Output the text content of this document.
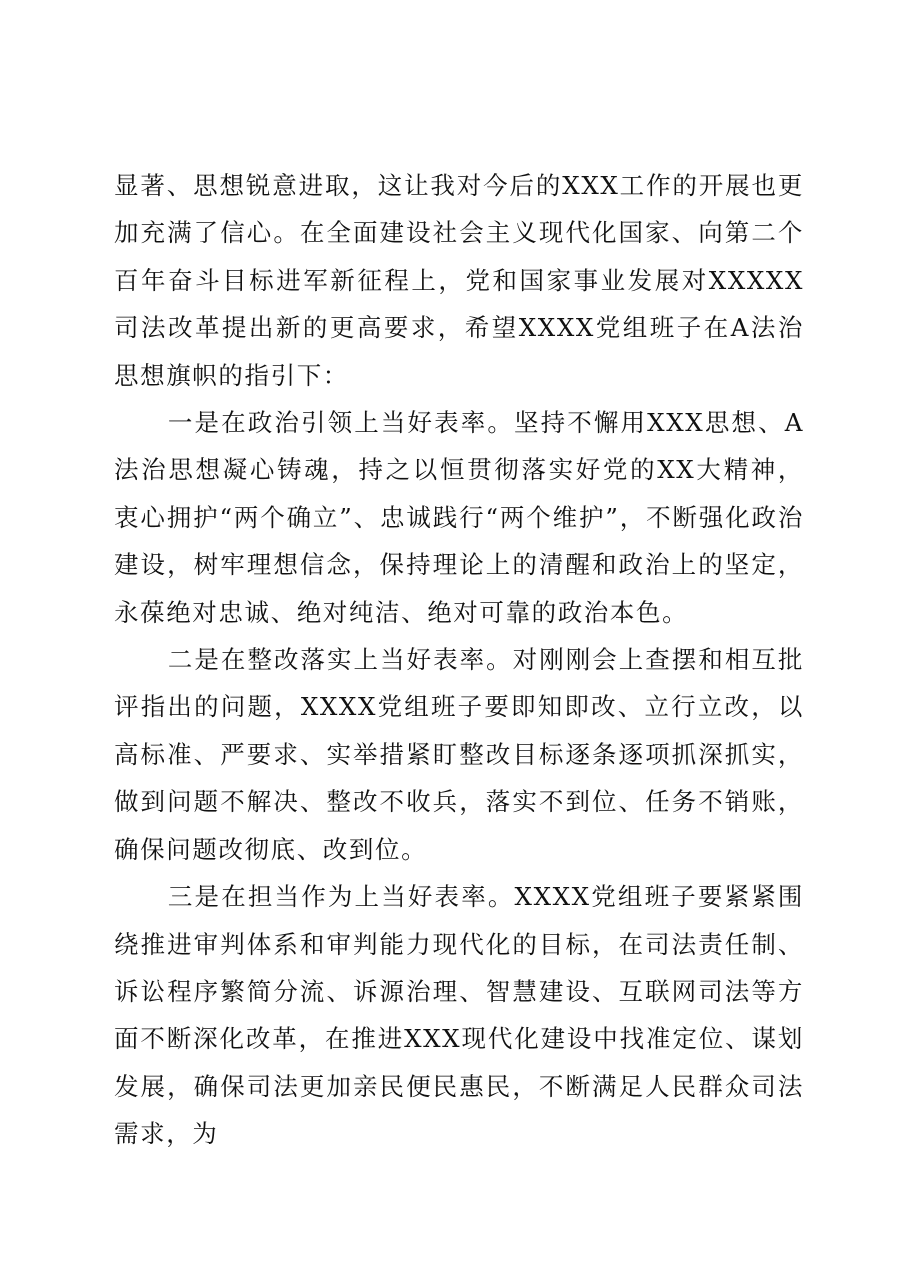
显著、思想锐意进取，这让我对今后的XXX工作的开展也更加充满了信心。在全面建设社会主义现代化国家、向第二个百年奋斗目标进军新征程上，党和国家事业发展对XXXXX司法改革提出新的更高要求，希望XXXX党组班子在A法治思想旗帜的指引下：

一是在政治引领上当好表率。坚持不懈用XXX思想、A法治思想凝心铸魂，持之以恒贯彻落实好党的XX大精神，衷心拥护“两个确立”、忠诚践行“两个维护”，不断强化政治建设，树牢理想信念，保持理论上的清醒和政治上的坚定，永葆绝对忠诚、绝对纯洁、绝对可靠的政治本色。

二是在整改落实上当好表率。对刚刚会上查摆和相互批评指出的问题，XXXX党组班子要即知即改、立行立改，以高标准、严要求、实举措紧盯整改目标逐条逐项抓深抓实，做到问题不解决、整改不收兵，落实不到位、任务不销账，确保问题改彻底、改到位。

三是在担当作为上当好表率。XXXX党组班子要紧紧围绕推进审判体系和审判能力现代化的目标，在司法责任制、诉讼程序繁简分流、诉源治理、智慧建设、互联网司法等方面不断深化改革，在推进XXX现代化建设中找准定位、谋划发展，确保司法更加亲民便民惠民，不断满足人民群众司法需求，为
